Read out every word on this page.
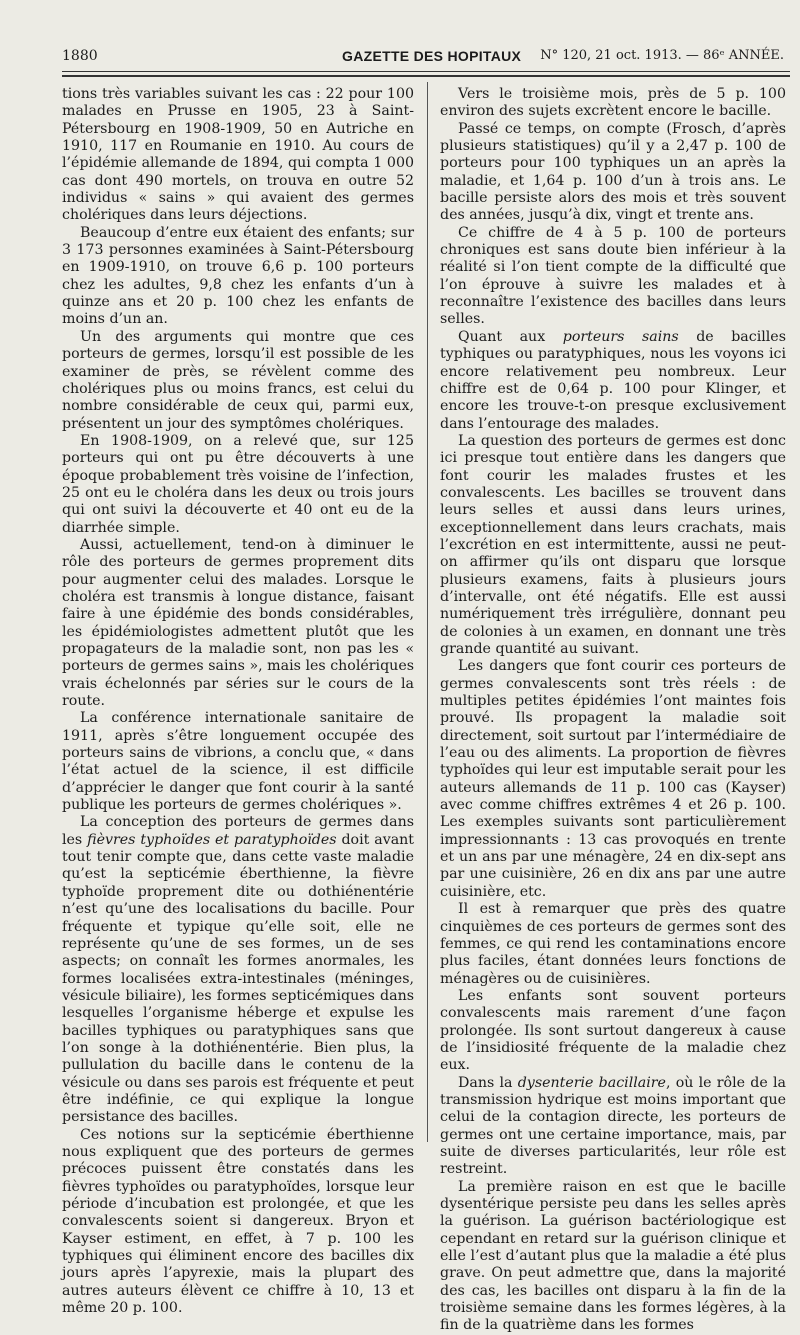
1880	GAZETTE DES HOPITAUX N° 120, 21 oct. 1913. — 86ᵉ ANNÉE.

tions très variables suivant les cas : 22 pour 100 malades en Prusse en 1905, 23 à Saint-Pétersbourg en 1908-1909, 50 en Autriche en 1910, 117 en Roumanie en 1910. Au cours de l’épidémie allemande de 1894, qui compta 1 000 cas dont 490 mortels, on trouva en outre 52 individus « sains » qui avaient des germes cholériques dans leurs déjections.

Beaucoup d’entre eux étaient des enfants; sur 3 173 personnes examinées à Saint-Pétersbourg en 1909-1910, on trouve 6,6 p. 100 porteurs chez les adultes, 9,8 chez les enfants d’un à quinze ans et 20 p. 100 chez les enfants de moins d’un an.

Un des arguments qui montre que ces porteurs de germes, lorsqu’il est possible de les examiner de près, se révèlent comme des cholériques plus ou moins francs, est celui du nombre considérable de ceux qui, parmi eux, présentent un jour des symptômes cholériques.

En 1908-1909, on a relevé que, sur 125 porteurs qui ont pu être découverts à une époque probablement très voisine de l’infection, 25 ont eu le choléra dans les deux ou trois jours qui ont suivi la découverte et 40 ont eu de la diarrhée simple.

Aussi, actuellement, tend-on à diminuer le rôle des porteurs de germes proprement dits pour augmenter celui des malades. Lorsque le choléra est transmis à longue distance, faisant faire à une épidémie des bonds considérables, les épidémiologistes admettent plutôt que les propagateurs de la maladie sont, non pas les « porteurs de germes sains », mais les cholériques vrais échelonnés par séries sur le cours de la route.

La conférence internationale sanitaire de 1911, après s’être longuement occupée des porteurs sains de vibrions, a conclu que, « dans l’état actuel de la science, il est difficile d’apprécier le danger que font courir à la santé publique les porteurs de germes cholériques ».

La conception des porteurs de germes dans les fièvres typhoïdes et paratyphoïdes doit avant tout tenir compte que, dans cette vaste maladie qu’est la septicémie éberthienne, la fièvre typhoïde proprement dite ou dothiénentérie n’est qu’une des localisations du bacille. Pour fréquente et typique qu’elle soit, elle ne représente qu’une de ses formes, un de ses aspects; on connaît les formes anormales, les formes localisées extra-intestinales (méninges, vésicule biliaire), les formes septicémiques dans lesquelles l’organisme héberge et expulse les bacilles typhiques ou paratyphiques sans que l’on songe à la dothiénentérie. Bien plus, la pullulation du bacille dans le contenu de la vésicule ou dans ses parois est fréquente et peut être indéfinie, ce qui explique la longue persistance des bacilles.

Ces notions sur la septicémie éberthienne nous expliquent que des porteurs de germes précoces puissent être constatés dans les fièvres typhoïdes ou paratyphoïdes, lorsque leur période d’incubation est prolongée, et que les convalescents soient si dangereux. Bryon et Kayser estiment, en effet, à 7 p. 100 les typhiques qui éliminent encore des bacilles dix jours après l’apyrexie, mais la plupart des autres auteurs élèvent ce chiffre à 10, 13 et même 20 p. 100.

Vers le troisième mois, près de 5 p. 100 environ des sujets excrètent encore le bacille.

Passé ce temps, on compte (Frosch, d’après plusieurs statistiques) qu’il y a 2,47 p. 100 de porteurs pour 100 typhiques un an après la maladie, et 1,64 p. 100 d’un à trois ans. Le bacille persiste alors des mois et très souvent des années, jusqu’à dix, vingt et trente ans.

Ce chiffre de 4 à 5 p. 100 de porteurs chroniques est sans doute bien inférieur à la réalité si l’on tient compte de la difficulté que l’on éprouve à suivre les malades et à reconnaître l’existence des bacilles dans leurs selles.

Quant aux porteurs sains de bacilles typhiques ou paratyphiques, nous les voyons ici encore relativement peu nombreux. Leur chiffre est de 0,64 p. 100 pour Klinger, et encore les trouve-t-on presque exclusivement dans l’entourage des malades.

La question des porteurs de germes est donc ici presque tout entière dans les dangers que font courir les malades frustes et les convalescents. Les bacilles se trouvent dans leurs selles et aussi dans leurs urines, exceptionnellement dans leurs crachats, mais l’excrétion en est intermittente, aussi ne peut-on affirmer qu’ils ont disparu que lorsque plusieurs examens, faits à plusieurs jours d’intervalle, ont été négatifs. Elle est aussi numériquement très irrégulière, donnant peu de colonies à un examen, en donnant une très grande quantité au suivant.

Les dangers que font courir ces porteurs de germes convalescents sont très réels : de multiples petites épidémies l’ont maintes fois prouvé. Ils propagent la maladie soit directement, soit surtout par l’intermédiaire de l’eau ou des aliments. La proportion de fièvres typhoïdes qui leur est imputable serait pour les auteurs allemands de 11 p. 100 cas (Kayser) avec comme chiffres extrêmes 4 et 26 p. 100. Les exemples suivants sont particulièrement impressionnants : 13 cas provoqués en trente et un ans par une ménagère, 24 en dix-sept ans par une cuisinière, 26 en dix ans par une autre cuisinière, etc.

Il est à remarquer que près des quatre cinquièmes de ces porteurs de germes sont des femmes, ce qui rend les contaminations encore plus faciles, étant données leurs fonctions de ménagères ou de cuisinières.

Les enfants sont souvent porteurs convalescents mais rarement d’une façon prolongée. Ils sont surtout dangereux à cause de l’insidiosité fréquente de la maladie chez eux.

Dans la dysenterie bacillaire, où le rôle de la transmission hydrique est moins important que celui de la contagion directe, les porteurs de germes ont une certaine importance, mais, par suite de diverses particularités, leur rôle est restreint.

La première raison en est que le bacille dysentérique persiste peu dans les selles après la guérison. La guérison bactériologique est cependant en retard sur la guérison clinique et elle l’est d’autant plus que la maladie a été plus grave. On peut admettre que, dans la majorité des cas, les bacilles ont disparu à la fin de la troisième semaine dans les formes légères, à la fin de la quatrième dans les formes
